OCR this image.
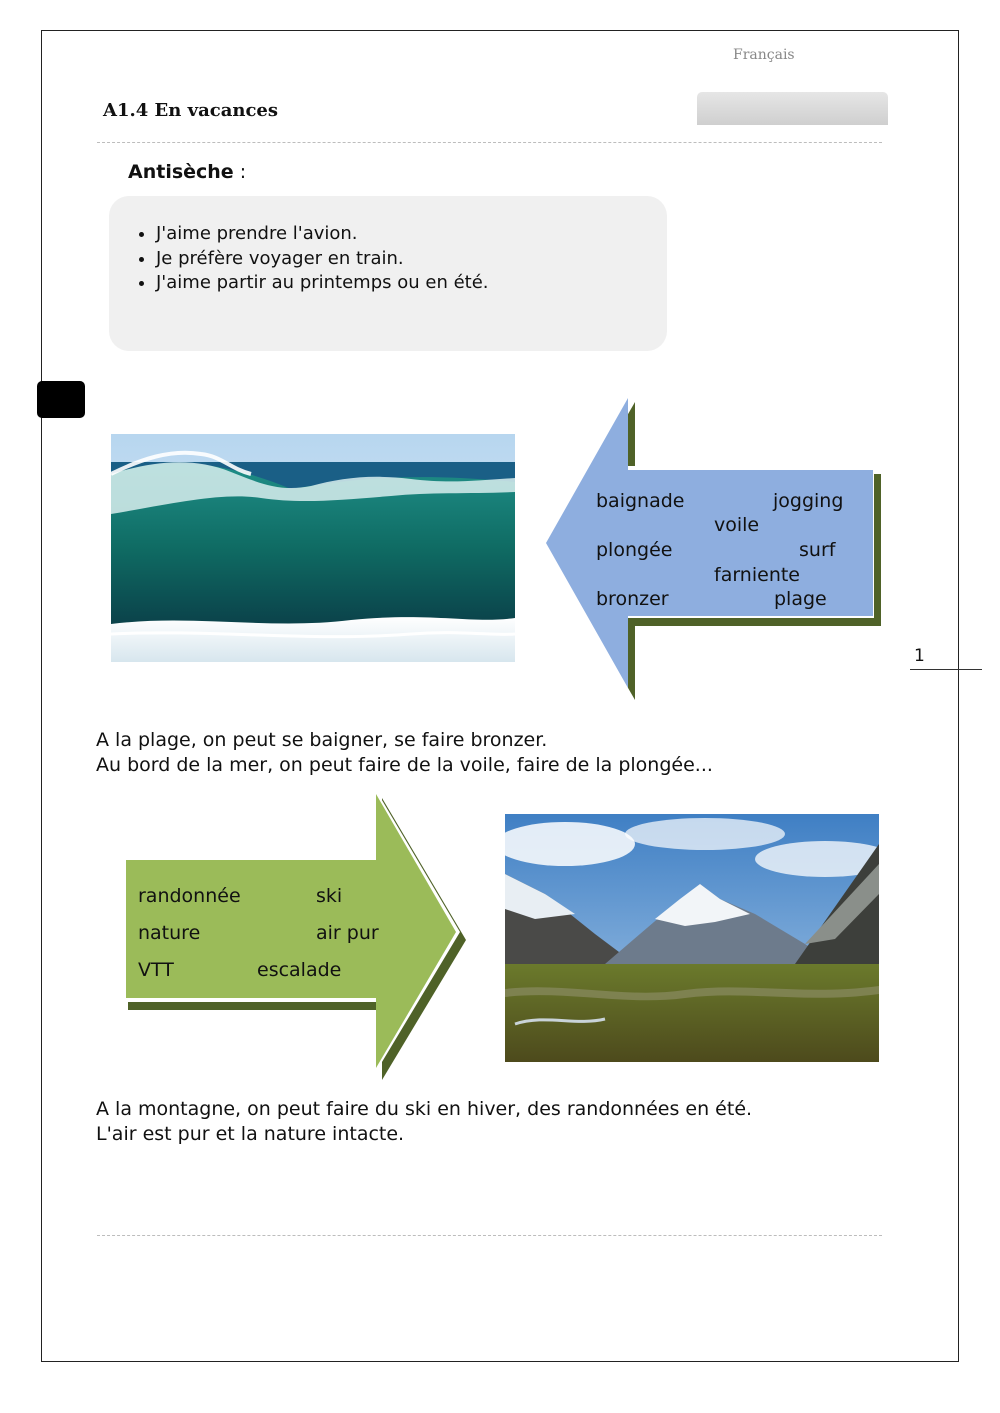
Français
A1.4 En vacances
Antisèche :
• J'aime prendre l'avion.
• Je préfère voyager en train.
• J'aime partir au printemps ou en été.
baignade	jogging
voile
plongée	surf
farniente
bronzer	plage
1
A la plage, on peut se baigner, se faire bronzer.
Au bord de la mer, on peut faire de la voile, faire de la plongée...
randonnée	ski
nature	air pur
VTT	escalade
A la montagne, on peut faire du ski en hiver, des randonnées en été.
L'air est pur et la nature intacte.
